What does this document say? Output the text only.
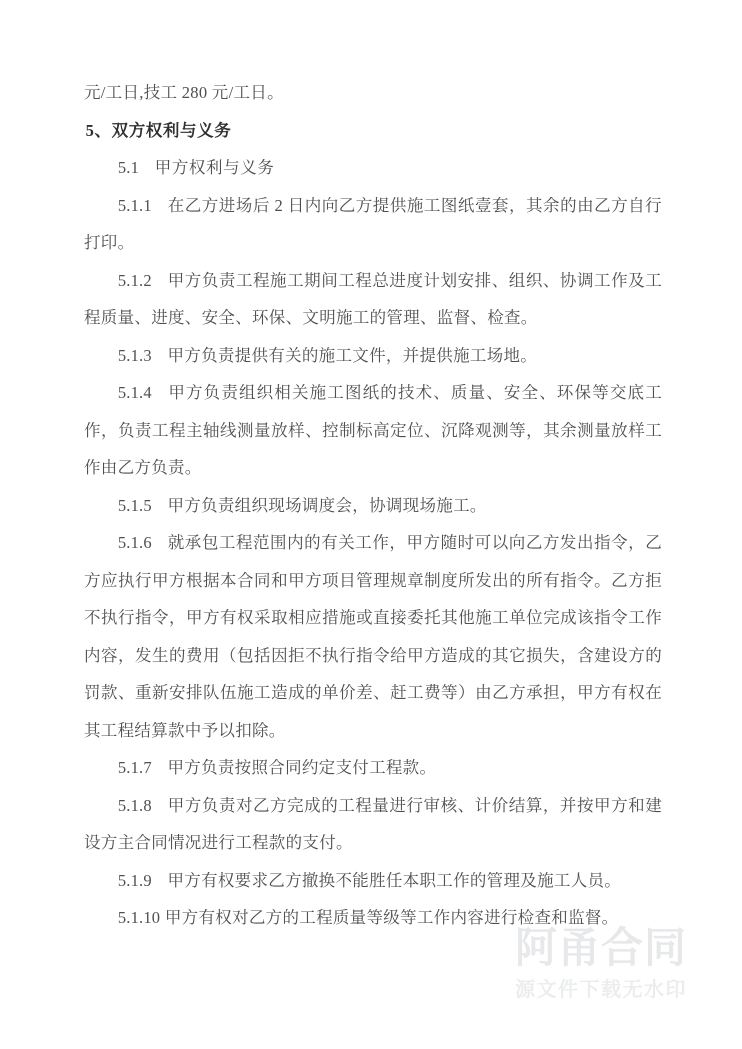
元/工日,技工 280 元/工日。

5、双方权利与义务

5.1 甲方权利与义务

5.1.1 在乙方进场后 2 日内向乙方提供施工图纸壹套，其余的由乙方自行打印。

5.1.2 甲方负责工程施工期间工程总进度计划安排、组织、协调工作及工程质量、进度、安全、环保、文明施工的管理、监督、检查。

5.1.3 甲方负责提供有关的施工文件，并提供施工场地。

5.1.4 甲方负责组织相关施工图纸的技术、质量、安全、环保等交底工作，负责工程主轴线测量放样、控制标高定位、沉降观测等，其余测量放样工作由乙方负责。

5.1.5 甲方负责组织现场调度会，协调现场施工。

5.1.6 就承包工程范围内的有关工作，甲方随时可以向乙方发出指令，乙方应执行甲方根据本合同和甲方项目管理规章制度所发出的所有指令。乙方拒不执行指令，甲方有权采取相应措施或直接委托其他施工单位完成该指令工作内容，发生的费用（包括因拒不执行指令给甲方造成的其它损失，含建设方的罚款、重新安排队伍施工造成的单价差、赶工费等）由乙方承担，甲方有权在其工程结算款中予以扣除。

5.1.7 甲方负责按照合同约定支付工程款。

5.1.8 甲方负责对乙方完成的工程量进行审核、计价结算，并按甲方和建设方主合同情况进行工程款的支付。

5.1.9 甲方有权要求乙方撤换不能胜任本职工作的管理及施工人员。

5.1.10 甲方有权对乙方的工程质量等级等工作内容进行检查和监督。

阿甬合同
源文件下载无水印
